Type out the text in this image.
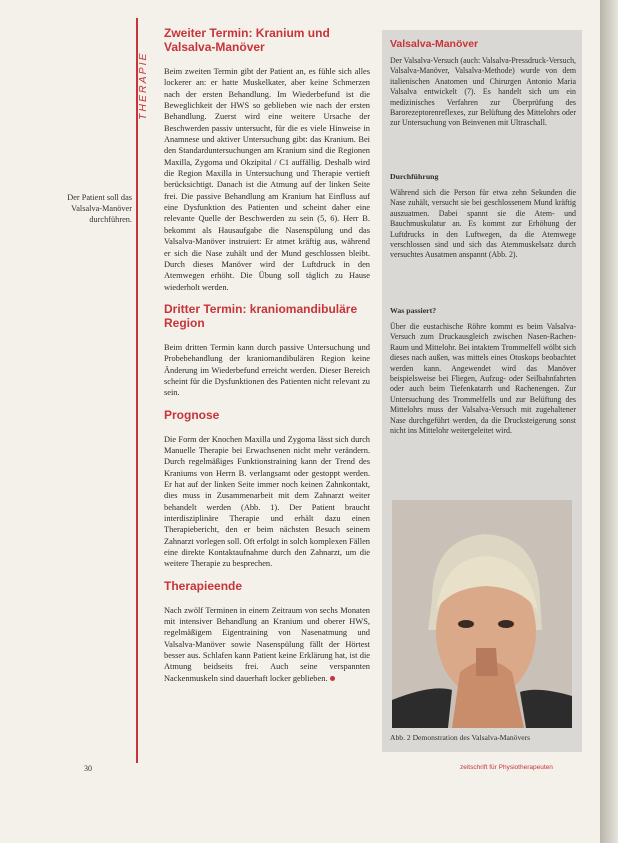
THERAPIE
Der Patient soll das Valsalva-Manöver durchführen.
Zweiter Termin: Kranium und Valsalva-Manöver

Beim zweiten Termin gibt der Patient an, es fühle sich alles lockerer an: er hatte Muskelkater, aber keine Schmerzen nach der ersten Behandlung. Im Wiederbefund ist die Beweglichkeit der HWS so geblieben wie nach der ersten Behandlung. Zuerst wird eine weitere Ursache der Beschwerden passiv untersucht, für die es viele Hinweise in Anamnese und aktiver Untersuchung gibt: das Kranium. Bei den Standarduntersuchungen am Kranium sind die Regionen Maxilla, Zygoma und Okzipital / C1 auffällig. Deshalb wird die Region Maxilla in Untersuchung und Therapie vertieft berücksichtigt. Danach ist die Atmung auf der linken Seite frei. Die passive Behandlung am Kranium hat Einfluss auf eine Dysfunktion des Patienten und scheint daher eine relevante Quelle der Beschwerden zu sein (5, 6). Herr B. bekommt als Hausaufgabe die Nasenspülung und das Valsalva-Manöver instruiert: Er atmet kräftig aus, während er sich die Nase zuhält und der Mund geschlossen bleibt. Durch dieses Manöver wird der Luftdruck in den Atemwegen erhöht. Die Übung soll täglich zu Hause wiederholt werden.

Dritter Termin: kraniomandibuläre Region

Beim dritten Termin kann durch passive Untersuchung und Probebehandlung der kraniomandibulären Region keine Änderung im Wiederbefund erreicht werden. Dieser Bereich scheint für die Dysfunktionen des Patienten nicht relevant zu sein.

Prognose

Die Form der Knochen Maxilla und Zygoma lässt sich durch Manuelle Therapie bei Erwachsenen nicht mehr verändern. Durch regelmäßiges Funktionstraining kann der Trend des Kraniums von Herrn B. verlangsamt oder gestoppt werden. Er hat auf der linken Seite immer noch keinen Zahnkontakt, dies muss in Zusammenarbeit mit dem Zahnarzt weiter behandelt werden (Abb. 1). Der Patient braucht interdisziplinäre Therapie und erhält dazu einen Therapiebericht, den er beim nächsten Besuch seinem Zahnarzt vorlegen soll. Oft erfolgt in solch komplexen Fällen eine direkte Kontaktaufnahme durch den Zahnarzt, um die weitere Therapie zu besprechen.

Therapieende

Nach zwölf Terminen in einem Zeitraum von sechs Monaten mit intensiver Behandlung an Kranium und oberer HWS, regelmäßigem Eigentraining von Nasenatmung und Valsalva-Manöver sowie Nasenspülung fällt der Hörtest besser aus. Schlafen kann Patient keine Erklärung hat, ist die Atmung beidseits frei. Auch seine verspannten Nackenmuskeln sind dauerhaft locker geblieben.

Valsalva-Manöver

Der Valsalva-Versuch (auch: Valsalva-Pressdruck-Versuch, Valsalva-Manöver, Valsalva-Methode) wurde von dem italienischen Anatomen und Chirurgen Antonio Maria Valsalva entwickelt (7). Es handelt sich um ein medizinisches Verfahren zur Überprüfung des Barorezeptorenreflexes, zur Belüftung des Mittelohrs oder zur Untersuchung von Beinvenen mit Ultraschall.

Durchführung

Während sich die Person für etwa zehn Sekunden die Nase zuhält, versucht sie bei geschlossenem Mund kräftig auszuatmen. Dabei spannt sie die Atem- und Bauchmuskulatur an. Es kommt zur Erhöhung der Luftdrucks in den Luftwegen, da die Atemwege verschlossen sind und sich das Atemmuskelsatz durch versuchtes Ausatmen anspannt (Abb. 2).

Was passiert?

Über die eustachische Röhre kommt es beim Valsalva-Versuch zum Druckausgleich zwischen Nasen-Rachen-Raum und Mittelohr. Bei intaktem Trommelfell wölbt sich dieses nach außen, was mittels eines Otoskops beobachtet werden kann. Angewendet wird das Manöver beispielsweise bei Fliegen, Aufzug- oder Seilbahnfahrten oder auch beim Tiefenkatarrh und Rachenengen. Zur Untersuchung des Trommelfells und zur Belüftung des Mittelohrs muss der Valsalva-Versuch mit zugehaltener Nase durchgeführt werden, da die Drucksteigerung sonst nicht ins Mittelohr weitergeleitet wird.

Abb. 2 Demonstration des Valsalva-Manövers
30	zeitschrift für Physiotherapeuten
